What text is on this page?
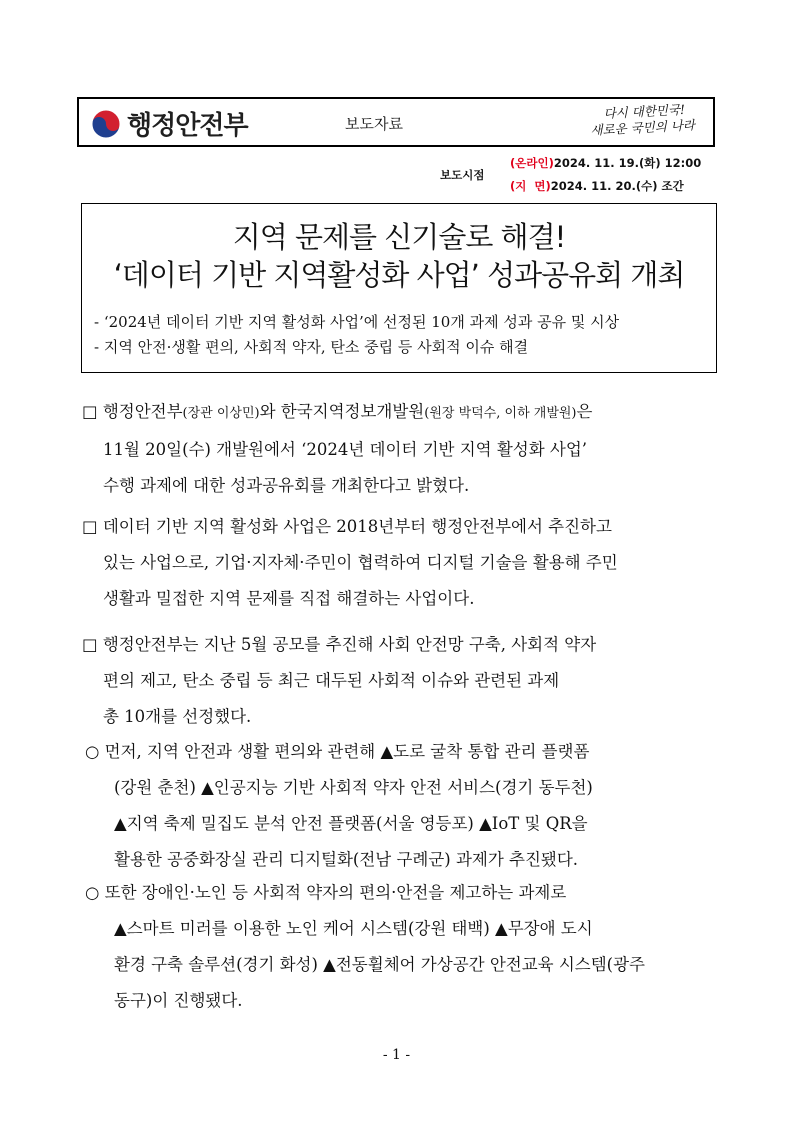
행정안전부	보도자료
다시 대한민국!
새로운 국민의 나라
보도시점
(온라인)2024. 11. 19.(화) 12:00
(지  면)2024. 11. 20.(수) 조간
지역 문제를 신기술로 해결!
‘데이터 기반 지역활성화 사업’ 성과공유회 개최
- ‘2024년 데이터 기반 지역 활성화 사업’에 선정된 10개 과제 성과 공유 및 시상
- 지역 안전·생활 편의, 사회적 약자, 탄소 중립 등 사회적 이슈 해결
□ 행정안전부(장관 이상민)와 한국지역정보개발원(원장 박덕수, 이하 개발원)은
11월 20일(수) 개발원에서 ‘2024년 데이터 기반 지역 활성화 사업’
수행 과제에 대한 성과공유회를 개최한다고 밝혔다.
□ 데이터 기반 지역 활성화 사업은 2018년부터 행정안전부에서 추진하고
있는 사업으로, 기업·지자체·주민이 협력하여 디지털 기술을 활용해 주민
생활과 밀접한 지역 문제를 직접 해결하는 사업이다.
□ 행정안전부는 지난 5월 공모를 추진해 사회 안전망 구축, 사회적 약자
편의 제고, 탄소 중립 등 최근 대두된 사회적 이슈와 관련된 과제
총 10개를 선정했다.
○ 먼저, 지역 안전과 생활 편의와 관련해 ▲도로 굴착 통합 관리 플랫폼
(강원 춘천) ▲인공지능 기반 사회적 약자 안전 서비스(경기 동두천)
▲지역 축제 밀집도 분석 안전 플랫폼(서울 영등포) ▲IoT 및 QR을
활용한 공중화장실 관리 디지털화(전남 구례군) 과제가 추진됐다.
○ 또한 장애인·노인 등 사회적 약자의 편의·안전을 제고하는 과제로
▲스마트 미러를 이용한 노인 케어 시스템(강원 태백) ▲무장애 도시
환경 구축 솔루션(경기 화성) ▲전동휠체어 가상공간 안전교육 시스템(광주
동구)이 진행됐다.
- 1 -
